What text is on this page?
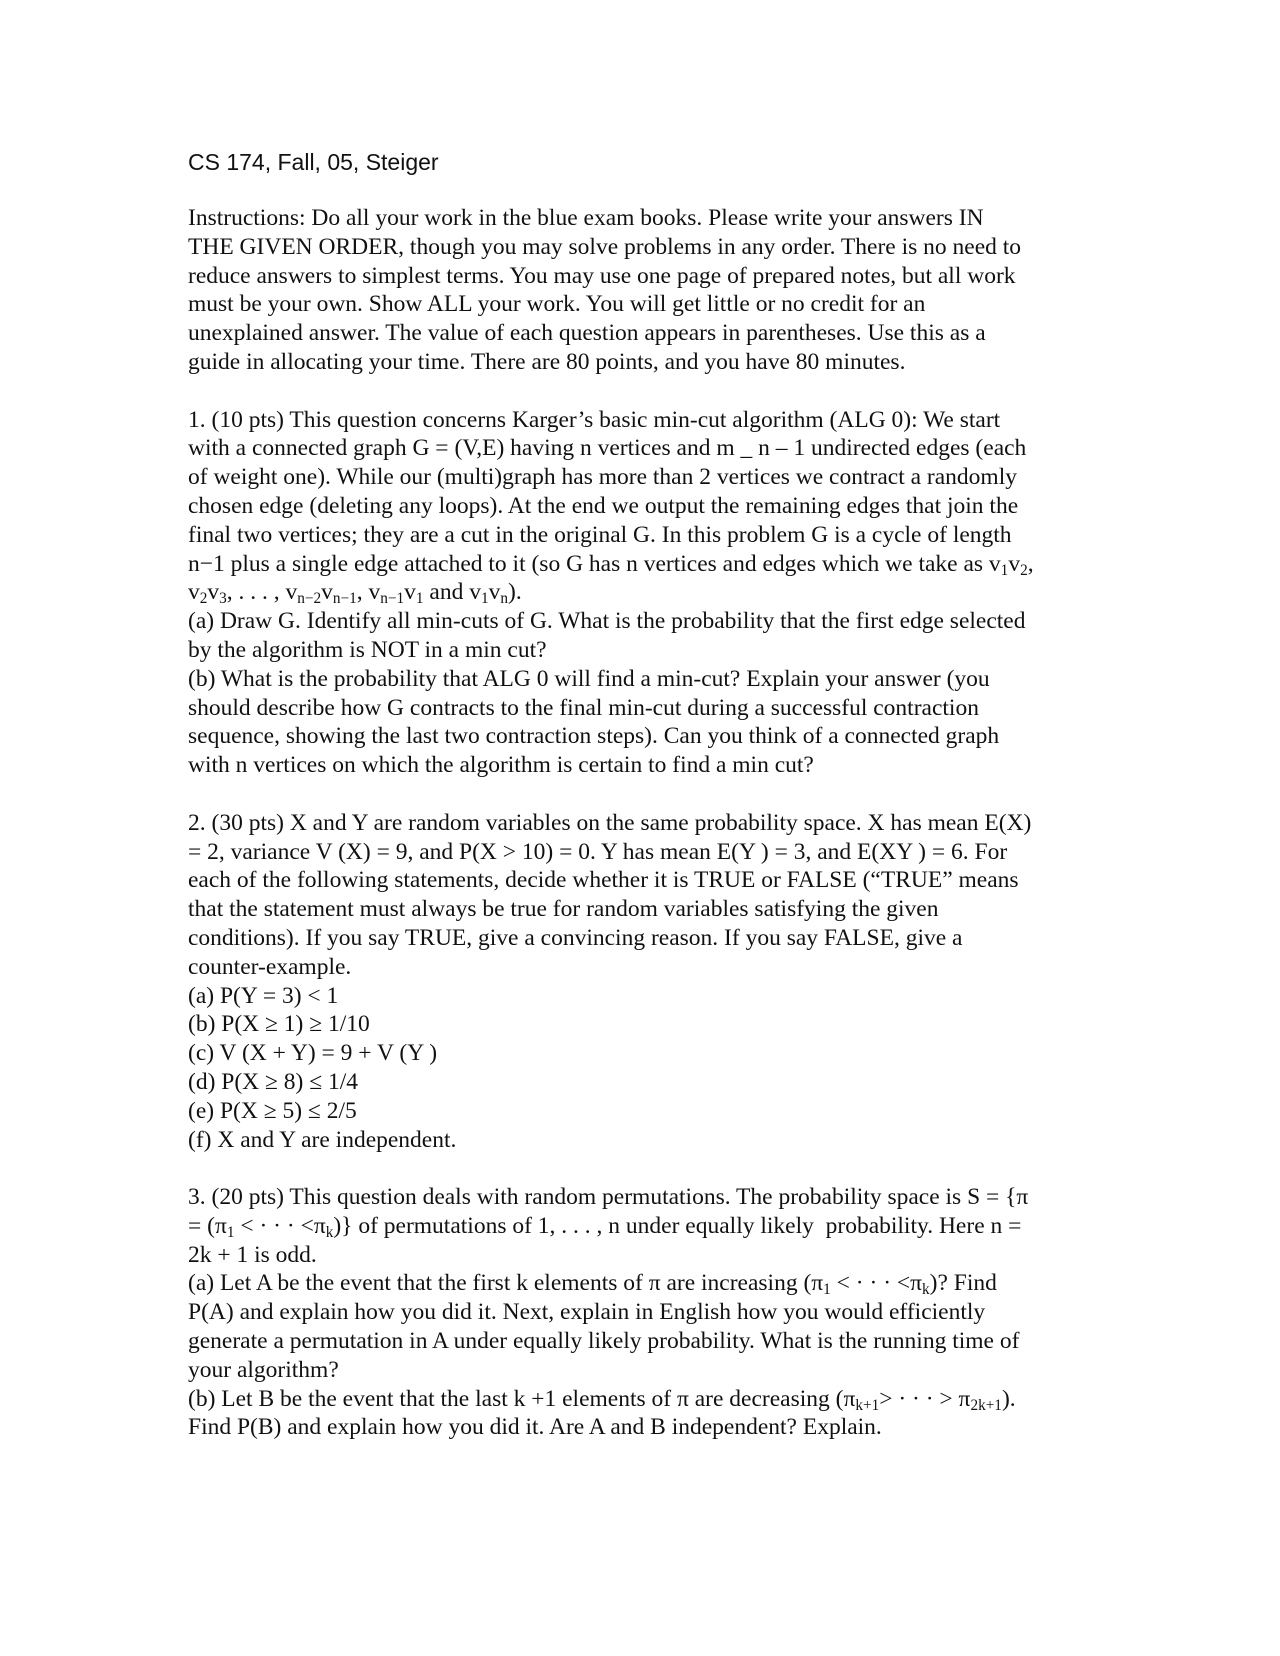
CS 174, Fall, 05, Steiger
Instructions: Do all your work in the blue exam books. Please write your answers IN
THE GIVEN ORDER, though you may solve problems in any order. There is no need to
reduce answers to simplest terms. You may use one page of prepared notes, but all work
must be your own. Show ALL your work. You will get little or no credit for an
unexplained answer. The value of each question appears in parentheses. Use this as a
guide in allocating your time. There are 80 points, and you have 80 minutes.
1. (10 pts) This question concerns Karger’s basic min-cut algorithm (ALG 0): We start
with a connected graph G = (V,E) having n vertices and m _ n – 1 undirected edges (each
of weight one). While our (multi)graph has more than 2 vertices we contract a randomly
chosen edge (deleting any loops). At the end we output the remaining edges that join the
final two vertices; they are a cut in the original G. In this problem G is a cycle of length
n−1 plus a single edge attached to it (so G has n vertices and edges which we take as $v_1v_2$,
$v_2v_3$, . . . , $v_{n-2}v_{n-1}$, $v_{n-1}v_1$ and $v_1v_n$).
(a) Draw G. Identify all min-cuts of G. What is the probability that the first edge selected
by the algorithm is NOT in a min cut?
(b) What is the probability that ALG 0 will find a min-cut? Explain your answer (you
should describe how G contracts to the final min-cut during a successful contraction
sequence, showing the last two contraction steps). Can you think of a connected graph
with n vertices on which the algorithm is certain to find a min cut?
2. (30 pts) X and Y are random variables on the same probability space. X has mean E(X)
= 2, variance V (X) = 9, and P(X > 10) = 0. Y has mean E(Y ) = 3, and E(XY ) = 6. For
each of the following statements, decide whether it is TRUE or FALSE (“TRUE” means
that the statement must always be true for random variables satisfying the given
conditions). If you say TRUE, give a convincing reason. If you say FALSE, give a
counter-example.
(a) P(Y = 3) < 1
(b) P(X ≥ 1) ≥ 1/10
(c) V (X + Y) = 9 + V (Y )
(d) P(X ≥ 8) ≤ 1/4
(e) P(X ≥ 5) ≤ 2/5
(f) X and Y are independent.
3. (20 pts) This question deals with random permutations. The probability space is S = {π
= ($\pi_1$ < · · · $<\pi_k$)} of permutations of 1, . . . , n under equally likely  probability. Here n =
2k + 1 is odd.
(a) Let A be the event that the first k elements of π are increasing ($\pi_1$ < · · · $<\pi_k$)? Find
P(A) and explain how you did it. Next, explain in English how you would efficiently
generate a permutation in A under equally likely probability. What is the running time of
your algorithm?
(b) Let B be the event that the last k +1 elements of π are decreasing ($\pi_{k+1}>$ · · · > $\pi_{2k+1}$).
Find P(B) and explain how you did it. Are A and B independent? Explain.
